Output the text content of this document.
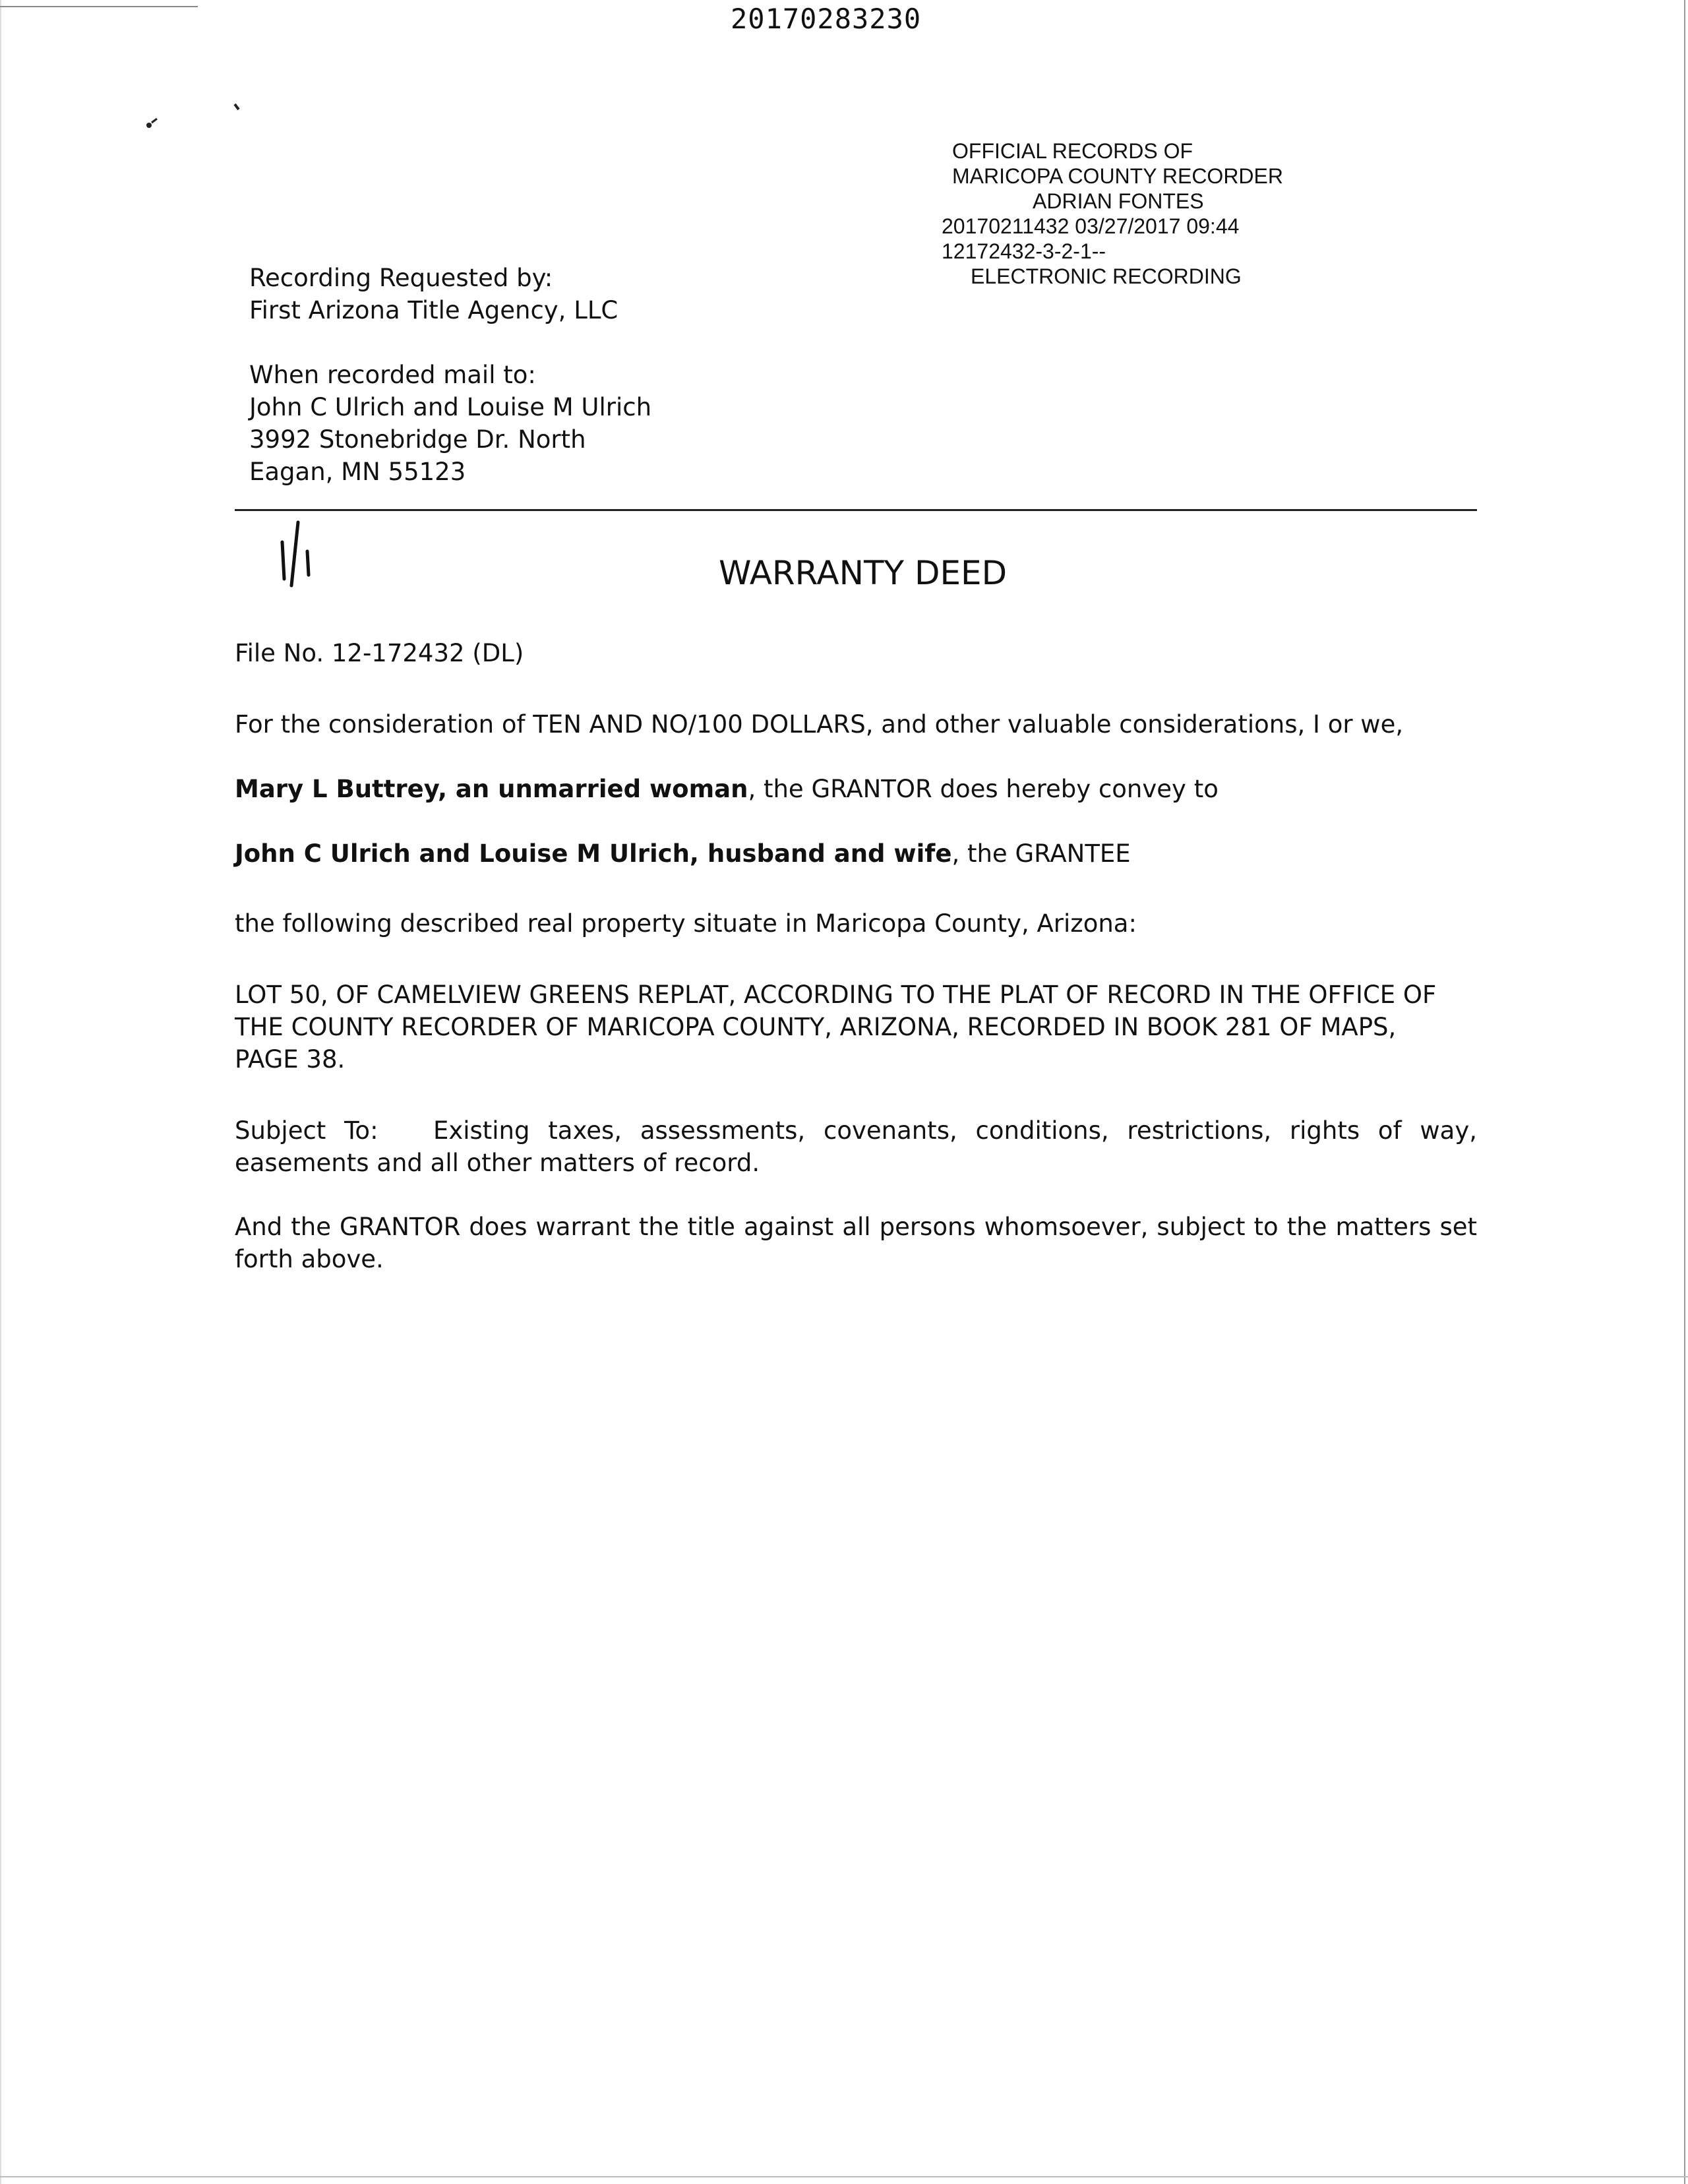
20170283230
OFFICIAL RECORDS OF
MARICOPA COUNTY RECORDER
ADRIAN FONTES
20170211432 03/27/2017 09:44
12172432-3-2-1--
ELECTRONIC RECORDING
Recording Requested by:
First Arizona Title Agency, LLC
When recorded mail to:
John C Ulrich and Louise M Ulrich
3992 Stonebridge Dr. North
Eagan, MN 55123
WARRANTY DEED
File No. 12-172432 (DL)
For the consideration of TEN AND NO/100 DOLLARS, and other valuable considerations, I or we,
Mary L Buttrey, an unmarried woman, the GRANTOR does hereby convey to
John C Ulrich and Louise M Ulrich, husband and wife, the GRANTEE
the following described real property situate in Maricopa County, Arizona:
LOT 50, OF CAMELVIEW GREENS REPLAT, ACCORDING TO THE PLAT OF RECORD IN THE OFFICE OF THE COUNTY RECORDER OF MARICOPA COUNTY, ARIZONA, RECORDED IN BOOK 281 OF MAPS, PAGE 38.
Subject To: Existing taxes, assessments, covenants, conditions, restrictions, rights of way, easements and all other matters of record.
And the GRANTOR does warrant the title against all persons whomsoever, subject to the matters set forth above.
